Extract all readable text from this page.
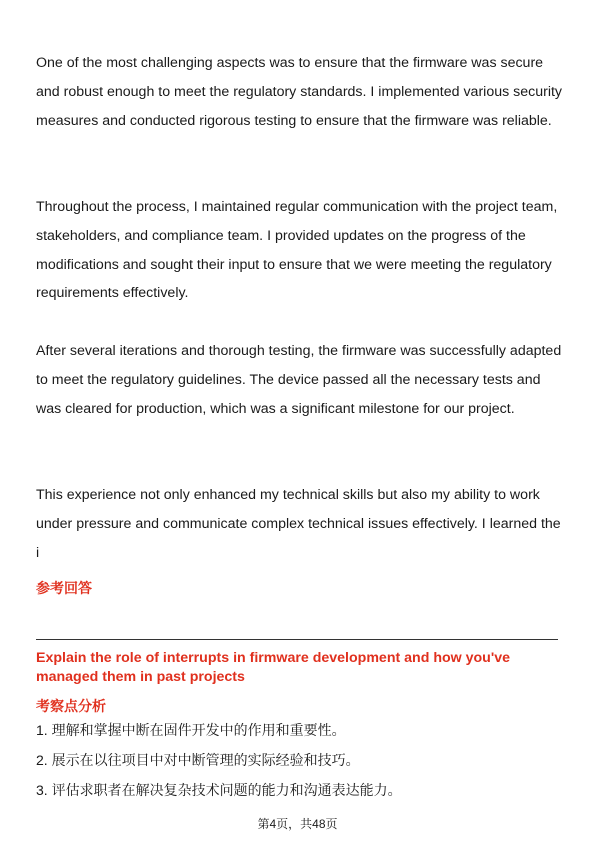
One of the most challenging aspects was to ensure that the firmware was secure and robust enough to meet the regulatory standards. I implemented various security measures and conducted rigorous testing to ensure that the firmware was reliable.

Throughout the process, I maintained regular communication with the project team, stakeholders, and compliance team. I provided updates on the progress of the modifications and sought their input to ensure that we were meeting the regulatory requirements effectively.

After several iterations and thorough testing, the firmware was successfully adapted to meet the regulatory guidelines. The device passed all the necessary tests and was cleared for production, which was a significant milestone for our project.

This experience not only enhanced my technical skills but also my ability to work under pressure and communicate complex technical issues effectively. I learned the i

参考回答

Explain the role of interrupts in firmware development and how you've managed them in past projects

考察点分析

1. 理解和掌握中断在固件开发中的作用和重要性。

2. 展示在以往项目中对中断管理的实际经验和技巧。

3. 评估求职者在解决复杂技术问题的能力和沟通表达能力。

第4页，共48页
